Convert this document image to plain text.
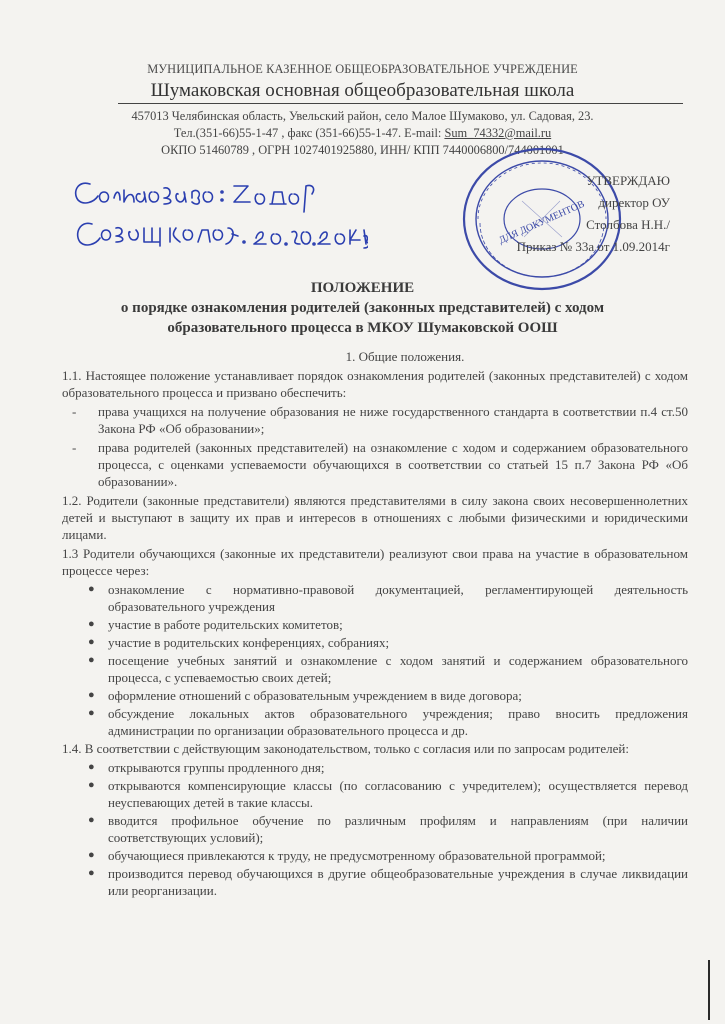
МУНИЦИПАЛЬНОЕ КАЗЕННОЕ ОБЩЕОБРАЗОВАТЕЛЬНОЕ УЧРЕЖДЕНИЕ
Шумаковская основная общеобразовательная школа
457013 Челябинская область, Увельский район, село Малое Шумаково, ул. Садовая, 23.
Тел.(351-66)55-1-47 , факс (351-66)55-1-47. E-mail: Sum_74332@mail.ru
ОКПО 51460789 , ОГРН 1027401925880, ИНН/ КПП 7440006800/744001001
ДЛЯ ДОКУМЕНТОВ
УТВЕРЖДАЮ
директор ОУ
Столбова Н.Н./
Приказ № 33а от 1.09.2014г
ПОЛОЖЕНИЕ
о порядке ознакомления родителей (законных представителей) с ходом
образовательного процесса в МКОУ Шумаковской ООШ
1. Общие положения.
1.1. Настоящее положение устанавливает порядок ознакомления родителей (законных представителей) с ходом образовательного процесса и призвано обеспечить:
- права учащихся на получение образования не ниже государственного стандарта в соответствии п.4 ст.50 Закона РФ «Об образовании»;
- права родителей (законных представителей) на ознакомление с ходом и содержанием образовательного процесса, с оценками успеваемости обучающихся в соответствии со статьей 15 п.7 Закона РФ «Об образовании».
1.2. Родители (законные представители) являются представителями в силу закона своих несовершеннолетних детей и выступают в защиту их прав и интересов в отношениях с любыми физическими и юридическими лицами.
1.3 Родители обучающихся (законные их представители) реализуют свои права на участие в образовательном процессе через:
● ознакомление с нормативно-правовой документацией, регламентирующей деятельность образовательного учреждения
● участие в работе родительских комитетов;
● участие в родительских конференциях, собраниях;
● посещение учебных занятий и ознакомление с ходом занятий и содержанием образовательного процесса, с успеваемостью своих детей;
● оформление отношений с образовательным учреждением в виде договора;
● обсуждение локальных актов образовательного учреждения; право вносить предложения администрации по организации образовательного процесса и др.
1.4. В соответствии с действующим законодательством, только с согласия или по запросам родителей:
● открываются группы продленного дня;
● открываются компенсирующие классы (по согласованию с учредителем); осуществляется перевод неуспевающих детей в такие классы.
● вводится профильное обучение по различным профилям и направлениям (при наличии соответствующих условий);
● обучающиеся привлекаются к труду, не предусмотренному образовательной программой;
● производится перевод обучающихся в другие общеобразовательные учреждения в случае ликвидации или реорганизации.
